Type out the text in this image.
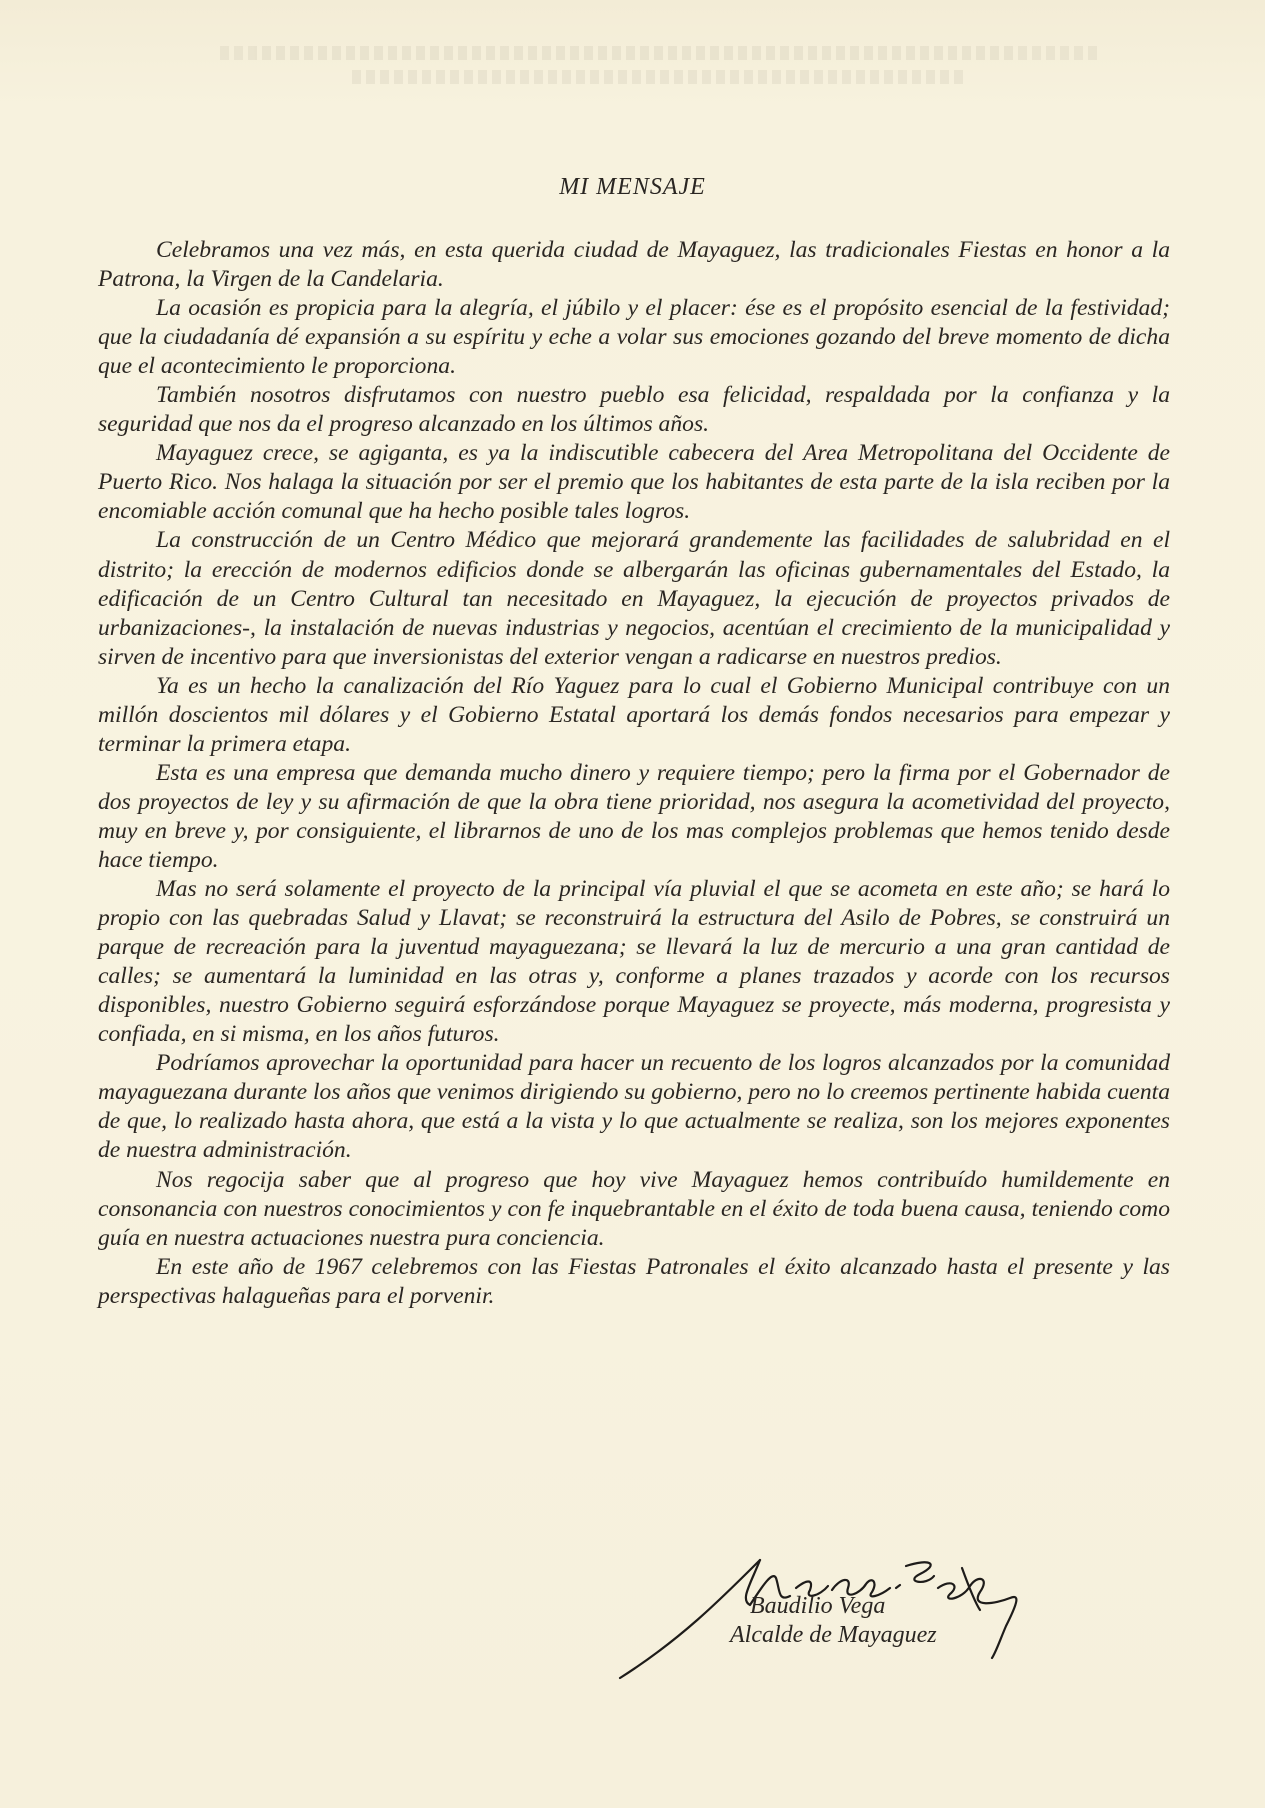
MI MENSAJE

Celebramos una vez más, en esta querida ciudad de Mayaguez, las tradicionales Fiestas en honor a la Patrona, la Virgen de la Candelaria.

La ocasión es propicia para la alegría, el júbilo y el placer: ése es el propósito esencial de la festividad; que la ciudadanía dé expansión a su espíritu y eche a volar sus emociones gozando del breve momento de dicha que el acontecimiento le proporciona.

También nosotros disfrutamos con nuestro pueblo esa felicidad, respaldada por la confianza y la seguridad que nos da el progreso alcanzado en los últimos años.

Mayaguez crece, se agiganta, es ya la indiscutible cabecera del Area Metropolitana del Occidente de Puerto Rico. Nos halaga la situación por ser el premio que los habitantes de esta parte de la isla reciben por la encomiable acción comunal que ha hecho posible tales logros.

La construcción de un Centro Médico que mejorará grandemente las facilidades de salubridad en el distrito; la erección de modernos edificios donde se albergarán las oficinas gubernamentales del Estado, la edificación de un Centro Cultural tan necesitado en Mayaguez, la ejecución de proyectos privados de urbanizaciones-, la instalación de nuevas industrias y negocios, acentúan el crecimiento de la municipalidad y sirven de incentivo para que inversionistas del exterior vengan a radicarse en nuestros predios.

Ya es un hecho la canalización del Río Yaguez para lo cual el Gobierno Municipal contribuye con un millón doscientos mil dólares y el Gobierno Estatal aportará los demás fondos necesarios para empezar y terminar la primera etapa.

Esta es una empresa que demanda mucho dinero y requiere tiempo; pero la firma por el Gobernador de dos proyectos de ley y su afirmación de que la obra tiene prioridad, nos asegura la acometividad del proyecto, muy en breve y, por consiguiente, el librarnos de uno de los mas complejos problemas que hemos tenido desde hace tiempo.

Mas no será solamente el proyecto de la principal vía pluvial el que se acometa en este año; se hará lo propio con las quebradas Salud y Llavat; se reconstruirá la estructura del Asilo de Pobres, se construirá un parque de recreación para la juventud mayaguezana; se llevará la luz de mercurio a una gran cantidad de calles; se aumentará la luminidad en las otras y, conforme a planes trazados y acorde con los recursos disponibles, nuestro Gobierno seguirá esforzándose porque Mayaguez se proyecte, más moderna, progresista y confiada, en si misma, en los años futuros.

Podríamos aprovechar la oportunidad para hacer un recuento de los logros alcanzados por la comunidad mayaguezana durante los años que venimos dirigiendo su gobierno, pero no lo creemos pertinente habida cuenta de que, lo realizado hasta ahora, que está a la vista y lo que actualmente se realiza, son los mejores exponentes de nuestra administración.

Nos regocija saber que al progreso que hoy vive Mayaguez hemos contribuído humildemente en consonancia con nuestros conocimientos y con fe inquebrantable en el éxito de toda buena causa, teniendo como guía en nuestra actuaciones nuestra pura conciencia.

En este año de 1967 celebremos con las Fiestas Patronales el éxito alcanzado hasta el presente y las perspectivas halagueñas para el porvenir.

Baudilio Vega
Alcalde de Mayaguez
